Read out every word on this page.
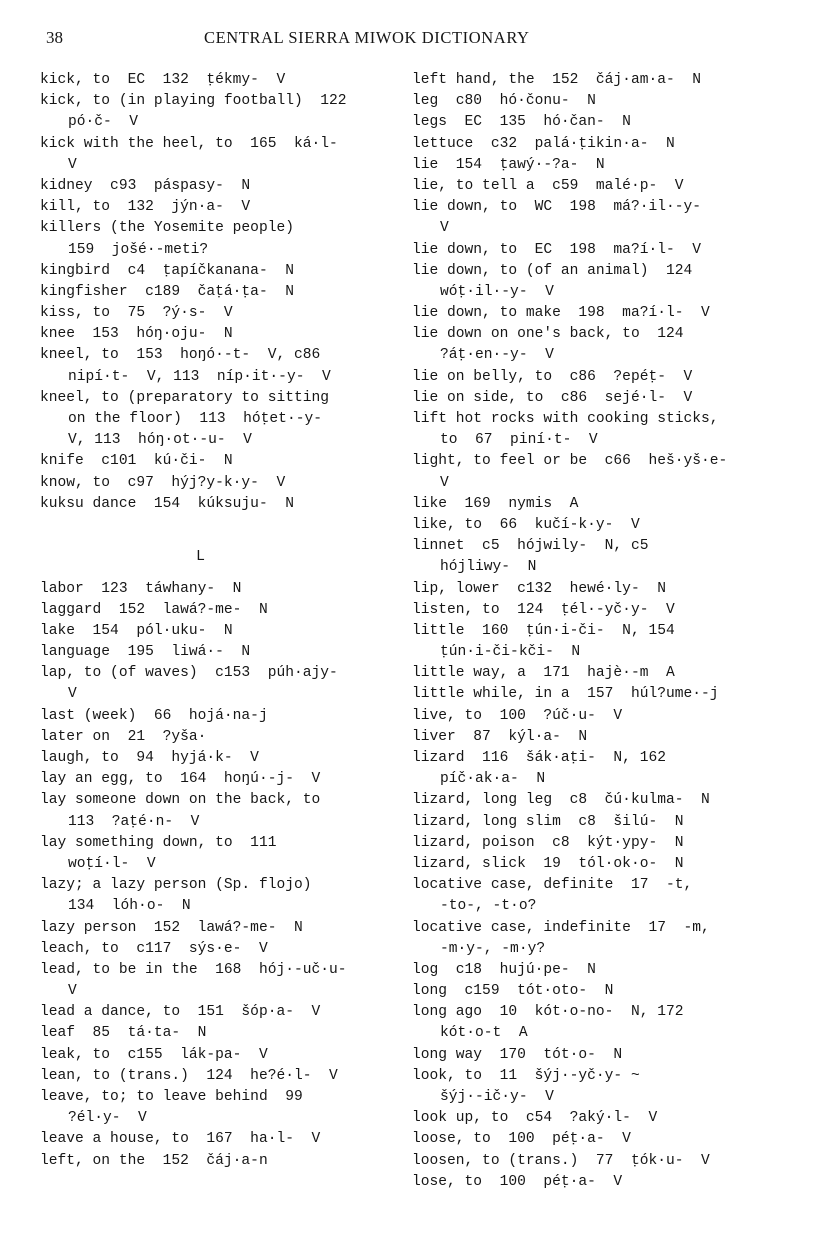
38	CENTRAL SIERRA MIWOK DICTIONARY
kick, to  EC  132  ṭékmy-  V
kick, to (in playing football)  122
pó·č-  V
kick with the heel, to  165  ká·l-
V
kidney  c93  páspasy-  N
kill, to  132  jýn·a-  V
killers (the Yosemite people)
159  jošé·-meti?
kingbird  c4  ṭapíčkanana-  N
kingfisher  c189  čaṭá·ṭa-  N
kiss, to  75  ?ý·s-  V
knee  153  hóŋ·oju-  N
kneel, to  153  hoŋó·-t-  V, c86
nipí·t-  V, 113  níp·it·-y-  V
kneel, to (preparatory to sitting
on the floor)  113  hóṭet·-y-
V, 113  hóŋ·ot·-u-  V
knife  c101  kú·či-  N
know, to  c97  hýj?y-k·y-  V
kuksu dance  154  kúksuju-  N
L
labor  123  táwhany-  N
laggard  152  lawá?-me-  N
lake  154  pól·uku-  N
language  195  liwá·-  N
lap, to (of waves)  c153  púh·ajy-
V
last (week)  66  hojá·na-j
later on  21  ?yša·
laugh, to  94  hyjá·k-  V
lay an egg, to  164  hoŋú·-j-  V
lay someone down on the back, to
113  ?aṭé·n-  V
lay something down, to  111
woṭí·l-  V
lazy; a lazy person (Sp. flojo)
134  lóh·o-  N
lazy person  152  lawá?-me-  N
leach, to  c117  sýs·e-  V
lead, to be in the  168  hój·-uč·u-
V
lead a dance, to  151  šóp·a-  V
leaf  85  tá·ta-  N
leak, to  c155  lák-pa-  V
lean, to (trans.)  124  he?é·l-  V
leave, to; to leave behind  99
?él·y-  V
leave a house, to  167  ha·l-  V
left, on the  152  čáj·a-n
left hand, the  152  čáj·am·a-  N
leg  c80  hó·čonu-  N
legs  EC  135  hó·čan-  N
lettuce  c32  palá·ṭikin·a-  N
lie  154  ṭawý·-?a-  N
lie, to tell a  c59  malé·p-  V
lie down, to  WC  198  má?·il·-y-
V
lie down, to  EC  198  ma?í·l-  V
lie down, to (of an animal)  124
wóṭ·il·-y-  V
lie down, to make  198  ma?í·l-  V
lie down on one's back, to  124
?áṭ·en·-y-  V
lie on belly, to  c86  ?epéṭ-  V
lie on side, to  c86  sejé·l-  V
lift hot rocks with cooking sticks,
to  67  piní·t-  V
light, to feel or be  c66  heš·yš·e-
V
like  169  nymis  A
like, to  66  kučí-k·y-  V
linnet  c5  hójwily-  N, c5
hójliwy-  N
lip, lower  c132  hewé·ly-  N
listen, to  124  ṭél·-yč·y-  V
little  160  ṭún·i-či-  N, 154
ṭún·i-či-kči-  N
little way, a  171  hajè·-m  A
little while, in a  157  húl?ume·-j
live, to  100  ?úč·u-  V
liver  87  kýl·a-  N
lizard  116  šák·aṭi-  N, 162
píč·ak·a-  N
lizard, long leg  c8  čú·kulma-  N
lizard, long slim  c8  šilú-  N
lizard, poison  c8  kýt·ypy-  N
lizard, slick  19  tól·ok·o-  N
locative case, definite  17  -t,
-to-, -t·o?
locative case, indefinite  17  -m,
-m·y-, -m·y?
log  c18  hujú·pe-  N
long  c159  tót·oto-  N
long ago  10  kót·o-no-  N, 172
kót·o-t  A
long way  170  tót·o-  N
look, to  11  šýj·-yč·y- ~
šýj·-ič·y-  V
look up, to  c54  ?aký·l-  V
loose, to  100  péṭ·a-  V
loosen, to (trans.)  77  ṭók·u-  V
lose, to  100  péṭ·a-  V
